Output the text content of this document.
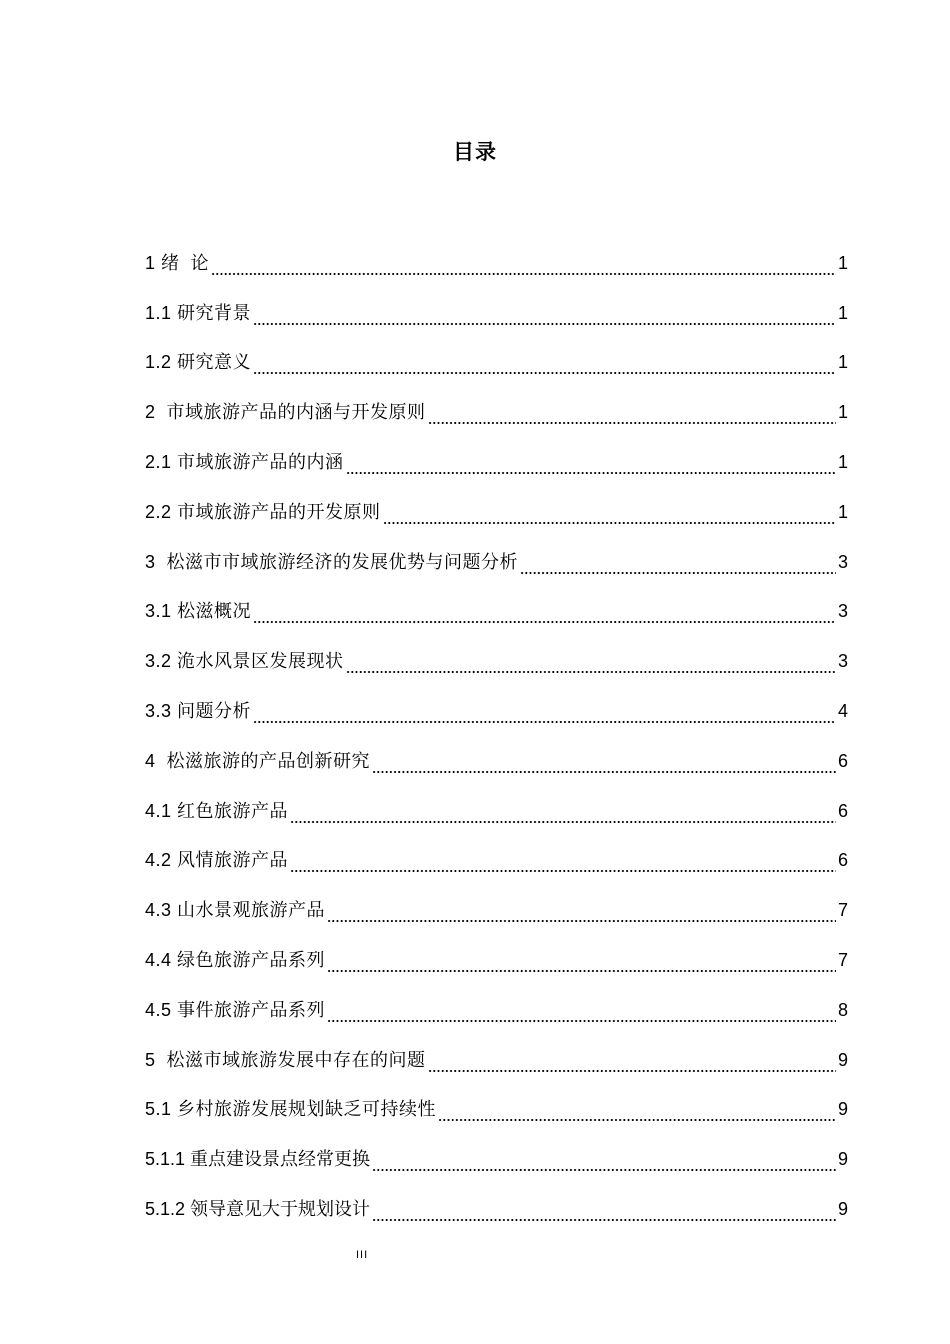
目录
1 绪  论	1
1.1 研究背景	1
1.2 研究意义	1
2  市域旅游产品的内涵与开发原则	1
2.1 市域旅游产品的内涵	1
2.2 市域旅游产品的开发原则	1
3  松滋市市域旅游经济的发展优势与问题分析	3
3.1 松滋概况	3
3.2 洈水风景区发展现状	3
3.3 问题分析	4
4  松滋旅游的产品创新研究	6
4.1 红色旅游产品	6
4.2 风情旅游产品	6
4.3 山水景观旅游产品	7
4.4 绿色旅游产品系列	7
4.5 事件旅游产品系列	8
5  松滋市域旅游发展中存在的问题	9
5.1 乡村旅游发展规划缺乏可持续性	9
5.1.1 重点建设景点经常更换	9
5.1.2 领导意见大于规划设计	9
III
